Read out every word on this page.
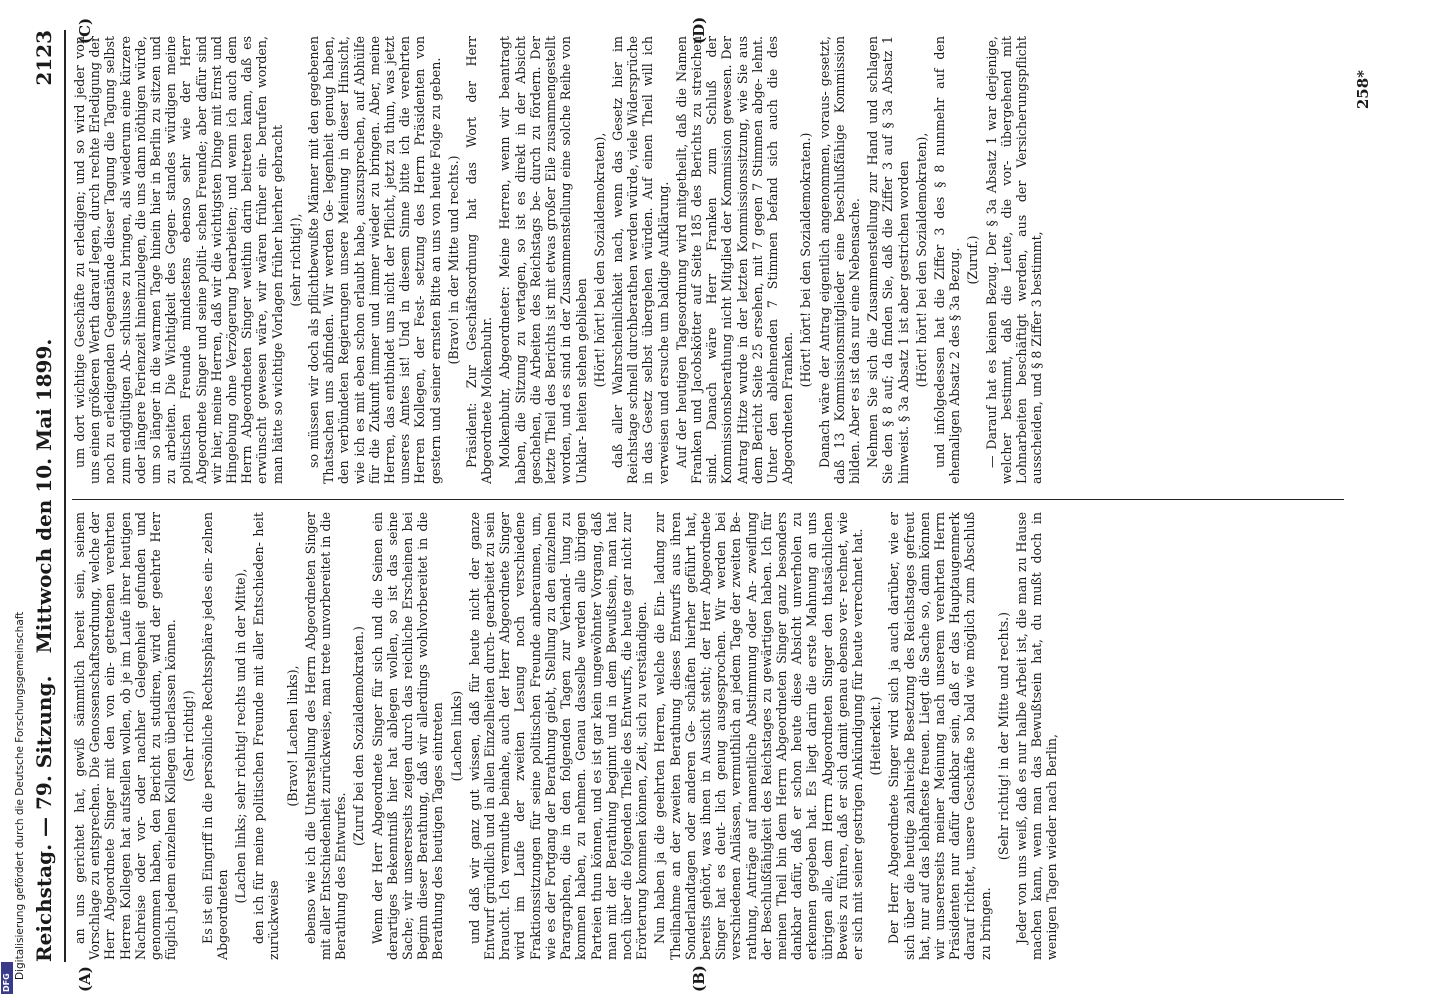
Digitalisierung gefördert durch die Deutsche Forschungsgemeinschaft
DFG
Reichstag. — 79. Sitzung.
Mittwoch den 10. Mai 1899.
2123
(A)	(B)
(C)	(D)

an uns gerichtet hat, gewiß sämmtlich bereit sein, seinem Vorschlage zu entsprechen. Die Genossenschaftsordnung, welche der Herr Abgeordnete Singer mit den von ein- getretenen verehrten Herren Kollegen hat aufstellen wollen, ob je im Laufe ihrer heutigen Nachreise oder vor- oder nachher Gelegenheit gefunden und genommen haben, den Bericht zu studiren, wird der geehrte Herr füglich jedem einzelnen Kollegen überlassen können. (Sehr richtig!) Es ist ein Eingriff in die persönliche Rechtssphäre jedes ein- zelnen Abgeordneten

(Lachen links; sehr richtig! rechts und in der Mitte), den ich für meine politischen Freunde mit aller Entschieden- heit zurückweise

(Bravo! Lachen links), ebenso wie ich die Unterstellung des Herrn Abgeordneten Singer mit aller Entschiedenheit zurückweise, man trete unvorbereitet in die Berathung des Entwurfes.

(Zuruf bei den Sozialdemokraten.) Wenn der Herr Abgeordnete Singer für sich und die Seinen ein derartiges Bekenntniß hier hat ablegen wollen, so ist das seine Sache; wir unsererseits zeigen durch das reichliche Erscheinen bei Beginn dieser Berathung, daß wir allerdings wohlvorbereitet in die Berathung des heutigen Tages eintreten (Lachen links) und daß wir ganz gut wissen, daß für heute nicht der ganze Entwurf gründlich und in allen Einzelheiten durch- gearbeitet zu sein braucht. Ich vermuthe beinahe, auch der Herr Abgeordnete Singer wird im Laufe der zweiten Lesung noch verschiedene Fraktionssitzungen für seine politischen Freunde anberaumen, um, wie es der Fortgang der Berathung giebt, Stellung zu den einzelnen Paragraphen, die in den folgenden Tagen zur Verhand- lung zu kommen haben, zu nehmen. Genau dasselbe werden alle übrigen Parteien thun können, und es ist gar kein ungewöhnter Vorgang, daß man mit der Berathung beginnt und in dem Bewußtsein, man hat noch über die folgenden Theile des Entwurfs, die heute gar nicht zur Erörterung kommen können, Zeit, sich zu verständigen. Nun haben ja die geehrten Herren, welche die Ein- ladung zur Theilnahme an der zweiten Berathung dieses Entwurfs aus ihren Sonderlandtagen oder anderen Ge- schäften hierher geführt hat, bereits gehört, was ihnen in Aussicht steht; der Herr Abgeordnete Singer hat es deut- lich genug ausgesprochen. Wir werden bei verschiedenen Anlässen, vermuthlich an jedem Tage der zweiten Be- rathung, Anträge auf namentliche Abstimmung oder An- zweiflung der Beschlußfähigkeit des Reichstages zu gewärtigen haben. Ich für meinen Theil bin dem Herrn Abgeordneten Singer ganz besonders dankbar dafür, daß er schon heute diese Absicht unverholen zu erkennen gegeben hat. Es liegt darin die erste Mahnung an uns übrigen alle, dem Herrn Abgeordneten Singer den thatsächlichen Beweis zu führen, daß er sich damit genau ebenso ver- rechnet, wie er sich mit seiner gestrigen Ankündigung für heute verrechnet hat. (Heiterkeit.) Der Herr Abgeordnete Singer wird sich ja auch darüber, wie er sich über die heutige zahlreiche Besetzung des Reichstages gefreut hat, nur auf das lebhafteste freuen. Liegt die Sache so, dann können wir unsererseits meiner Meinung nach unserem verehrten Herrn Präsidenten nur dafür dankbar sein, daß er das Hauptaugenmerk darauf richtet, unsere Geschäfte so bald wie möglich zum Abschluß zu bringen.

(Sehr richtig! in der Mitte und rechts.) Jeder von uns weiß, daß es nur halbe Arbeit ist, die man zu Hause machen kann, wenn man das Bewußtsein hat, du mußt doch in wenigen Tagen wieder nach Berlin,

um dort wichtige Geschäfte zu erledigen; und so wird jeder von uns einen größeren Werth darauf legen, durch rechte Erledigung der noch zu erledigenden Gegenstände dieser Tagung die Tagung selbst zum endgültigen Ab- schlusse zu bringen, als wiederum eine kürzere oder längere Ferienzeit hineinzulegen, die uns dann nöthigen würde, um so länger in die warmen Tage hinein hier in Berlin zu sitzen und zu arbeiten. Die Wichtigkeit des Gegen- standes würdigen meine politischen Freunde mindestens ebenso sehr wie der Herr Abgeordnete Singer und seine politi- schen Freunde; aber dafür sind wir hier, meine Herren, daß wir die wichtigsten Dinge mit Ernst und Hingebung ohne Verzögerung bearbeiten; und wenn ich auch dem Herrn Abgeordneten Singer weithin darin beitreten kann, daß es erwünscht gewesen wäre, wir wären früher ein- berufen worden, man hätte so wichtige Vorlagen früher hierher gebracht (sehr richtig!), so müssen wir doch als pflichtbewußte Männer mit den gegebenen Thatsachen uns abfinden. Wir werden Ge- legenheit genug haben, den verbündeten Regierungen unsere Meinung in dieser Hinsicht, wie ich es mit eben schon erlaubt habe, auszusprechen, auf Abhülfe für die Zukunft immer und immer wieder zu bringen. Aber, meine Herren, das entbindet uns nicht der Pflicht, jetzt zu thun, was jetzt unseres Amtes ist! Und in diesem Sinne bitte ich die verehrten Herren Kollegen, der Fest- setzung des Herrn Präsidenten von gestern und seiner ernsten Bitte an uns von heute Folge zu geben. (Bravo! in der Mitte und rechts.) Präsident: Zur Geschäftsordnung hat das Wort der Herr Abgeordnete Molkenbuhr. Molkenbuhr, Abgeordneter: Meine Herren, wenn wir beantragt haben, die Sitzung zu vertagen, so ist es direkt in der Absicht geschehen, die Arbeiten des Reichstags be- durch zu fördern. Der letzte Theil des Berichts ist mit etwas großer Eile zusammengestellt worden, und es sind in der Zusammenstellung eine solche Reihe von Unklar- heiten stehen geblieben (Hört! hört! bei den Sozialdemokraten), daß aller Wahrscheinlichkeit nach, wenn das Gesetz hier im Reichstage schnell durchberathen werden würde, viele Widersprüche in das Gesetz selbst übergehen würden. Auf einen Theil will ich verweisen und ersuche um baldige Aufklärung. Auf der heutigen Tagesordnung wird mitgetheilt, daß die Namen Franken und Jacobskötter auf Seite 185 des Berichts zu streichen sind. Danach wäre Herr Franken zum Schluß der Kommissionsberathung nicht Mitglied der Kommission gewesen. Der Antrag Hitze wurde in der letzten Kommissionssitzung, wie Sie aus dem Bericht Seite 25 ersehen, mit 7 gegen 7 Stimmen abge- lehnt. Unter den ablehnenden 7 Stimmen befand sich auch die des Abgeordneten Franken.

(Hört! hört! bei den Sozialdemokraten.) Danach wäre der Antrag eigentlich angenommen, voraus- gesetzt, daß 13 Kommissionsmitglieder eine beschlußfähige Kommission bilden. Aber es ist das nur eine Nebensache. Nehmen Sie sich die Zusammenstellung zur Hand und schlagen Sie den § 8 auf; da finden Sie, daß die Ziffer 3 auf § 3a Absatz 1 hinweist. § 3a Absatz 1 ist aber gestrichen worden (Hört! hört! bei den Sozialdemokraten), und infolgedessen hat die Ziffer 3 des § 8 nunmehr auf den ehemaligen Absatz 2 des § 3a Bezug. (Zuruf.) — Darauf hat es keinen Bezug. Der § 3a Absatz 1 war derjenige, welcher bestimmt, daß die Leute, die vor- übergehend mit Lohnarbeiten beschäftigt werden, aus der Versicherungspflicht ausscheiden, und § 8 Ziffer 3 bestimmt,

258*
